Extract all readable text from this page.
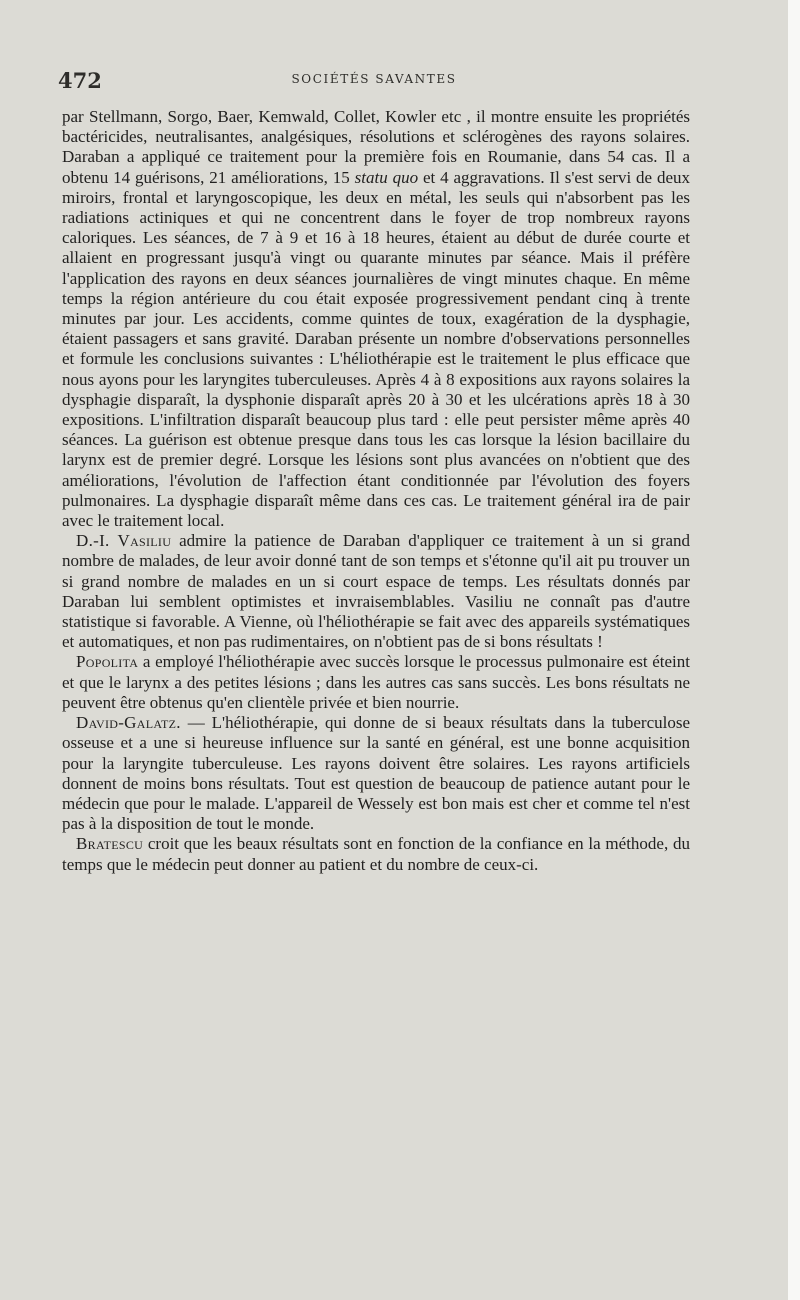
472	SOCIÉTÉS SAVANTES

par Stellmann, Sorgo, Baer, Kemwald, Collet, Kowler etc , il montre ensuite les propriétés bactéricides, neutralisantes, analgésiques, résolutions et sclérogènes des rayons solaires. Daraban a appliqué ce traitement pour la première fois en Roumanie, dans 54 cas. Il a obtenu 14 guérisons, 21 améliorations, 15 statu quo et 4 aggravations. Il s'est servi de deux miroirs, frontal et laryngoscopique, les deux en métal, les seuls qui n'absorbent pas les radiations actiniques et qui ne concentrent dans le foyer de trop nombreux rayons caloriques. Les séances, de 7 à 9 et 16 à 18 heures, étaient au début de durée courte et allaient en progressant jusqu'à vingt ou quarante minutes par séance. Mais il préfère l'application des rayons en deux séances journalières de vingt minutes chaque. En même temps la région antérieure du cou était exposée progressivement pendant cinq à trente minutes par jour. Les accidents, comme quintes de toux, exagération de la dysphagie, étaient passagers et sans gravité. Daraban présente un nombre d'observations personnelles et formule les conclusions suivantes : L'héliothérapie est le traitement le plus efficace que nous ayons pour les laryngites tuberculeuses. Après 4 à 8 expositions aux rayons solaires la dysphagie disparaît, la dysphonie disparaît après 20 à 30 et les ulcérations après 18 à 30 expositions. L'infiltration disparaît beaucoup plus tard : elle peut persister même après 40 séances. La guérison est obtenue presque dans tous les cas lorsque la lésion bacillaire du larynx est de premier degré. Lorsque les lésions sont plus avancées on n'obtient que des améliorations, l'évolution de l'affection étant conditionnée par l'évolution des foyers pulmonaires. La dysphagie disparaît même dans ces cas. Le traitement général ira de pair avec le traitement local.

D.-I. Vasiliu admire la patience de Daraban d'appliquer ce traitement à un si grand nombre de malades, de leur avoir donné tant de son temps et s'étonne qu'il ait pu trouver un si grand nombre de malades en un si court espace de temps. Les résultats donnés par Daraban lui semblent optimistes et invraisemblables. Vasiliu ne connaît pas d'autre statistique si favorable. A Vienne, où l'héliothérapie se fait avec des appareils systématiques et automatiques, et non pas rudimentaires, on n'obtient pas de si bons résultats !

Popolita a employé l'héliothérapie avec succès lorsque le processus pulmonaire est éteint et que le larynx a des petites lésions ; dans les autres cas sans succès. Les bons résultats ne peuvent être obtenus qu'en clientèle privée et bien nourrie.

David-Galatz. — L'héliothérapie, qui donne de si beaux résultats dans la tuberculose osseuse et a une si heureuse influence sur la santé en général, est une bonne acquisition pour la laryngite tuberculeuse. Les rayons doivent être solaires. Les rayons artificiels donnent de moins bons résultats. Tout est question de beaucoup de patience autant pour le médecin que pour le malade. L'appareil de Wessely est bon mais est cher et comme tel n'est pas à la disposition de tout le monde.

Bratescu croit que les beaux résultats sont en fonction de la confiance en la méthode, du temps que le médecin peut donner au patient et du nombre de ceux-ci.
